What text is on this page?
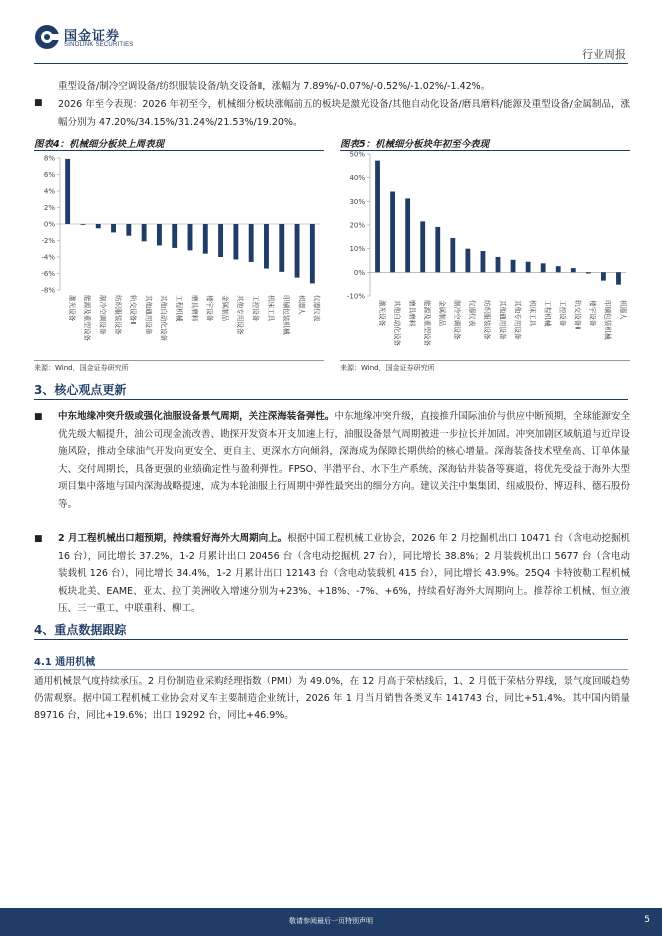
国金证券
SINOLINK SECURITIES
行业周报
重型设备/制冷空调设备/纺织服装设备/轨交设备Ⅱ，涨幅为 7.89%/-0.07%/-0.52%/-1.02%/-1.42%。
■ 2026 年至今表现：2026 年初至今，机械细分板块涨幅前五的板块是激光设备/其他自动化设备/磨具磨料/能源及重型设备/金属制品，涨幅分别为 47.20%/34.15%/31.24%/21.53%/19.20%。
图表4：机械细分板块上周表现
8%
6%
4%
2%
0%
-2%
-4%
-6%
-8%
激光设备 能源及重型设备 制冷空调设备 纺织服装设备 轨交设备Ⅱ 其他通用设备 其他自动化设备 工程机械 磨具磨料 楼宇设备 金属制品 其他专用设备 工控设备 机床工具 印刷包装机械 机器人 仪器仪表
来源：Wind，国金证券研究所
图表5：机械细分板块年初至今表现
50%
40%
30%
20%
10%
0%
-10%
激光设备 其他自动化设备 磨具磨料 能源及重型设备 金属制品 制冷空调设备 仪器仪表 纺织服装设备 其他通用设备 其他专用设备 机床工具 工程机械 工控设备 轨交设备Ⅱ 楼宇设备 印刷包装机械 机器人
来源：Wind，国金证券研究所
3、核心观点更新
■ 中东地缘冲突升级或强化油服设备景气周期，关注深海装备弹性。中东地缘冲突升级，直接推升国际油价与供应中断预期，全球能源安全优先级大幅提升，油公司现金流改善、勘探开发资本开支加速上行，油服设备景气周期被进一步拉长并加固。冲突加剧区域航道与近岸设施风险，推动全球油气开发向更安全、更自主、更深水方向倾斜，深海成为保障长期供给的核心增量。深海装备技术壁垒高、订单体量大、交付周期长，具备更强的业绩确定性与盈利弹性。FPSO、半潜平台、水下生产系统、深海钻井装备等赛道，将优先受益于海外大型项目集中落地与国内深海战略提速，成为本轮油服上行周期中弹性最突出的细分方向。建议关注中集集团、纽威股份、博迈科、德石股份等。
■ 2 月工程机械出口超预期，持续看好海外大周期向上。根据中国工程机械工业协会，2026 年 2 月挖掘机出口 10471 台（含电动挖掘机 16 台），同比增长 37.2%，1-2 月累计出口 20456 台（含电动挖掘机 27 台），同比增长 38.8%；2 月装载机出口 5677 台（含电动装载机 126 台），同比增长 34.4%，1-2 月累计出口 12143 台（含电动装载机 415 台），同比增长 43.9%。25Q4 卡特彼勒工程机械板块北美、EAME、亚太、拉丁美洲收入增速分别为+23%、+18%、-7%、+6%，持续看好海外大周期向上。推荐徐工机械、恒立液压、三一重工、中联重科、柳工。
4、重点数据跟踪
4.1 通用机械
通用机械景气度持续承压。2 月份制造业采购经理指数（PMI）为 49.0%，在 12 月高于荣枯线后，1、2 月低于荣枯分界线，景气度回暖趋势仍需观察。据中国工程机械工业协会对叉车主要制造企业统计，2026 年 1 月当月销售各类叉车 141743 台，同比+51.4%。其中国内销量 89716 台，同比+19.6%；出口 19292 台，同比+46.9%。
敬请参阅最后一页特别声明	5
